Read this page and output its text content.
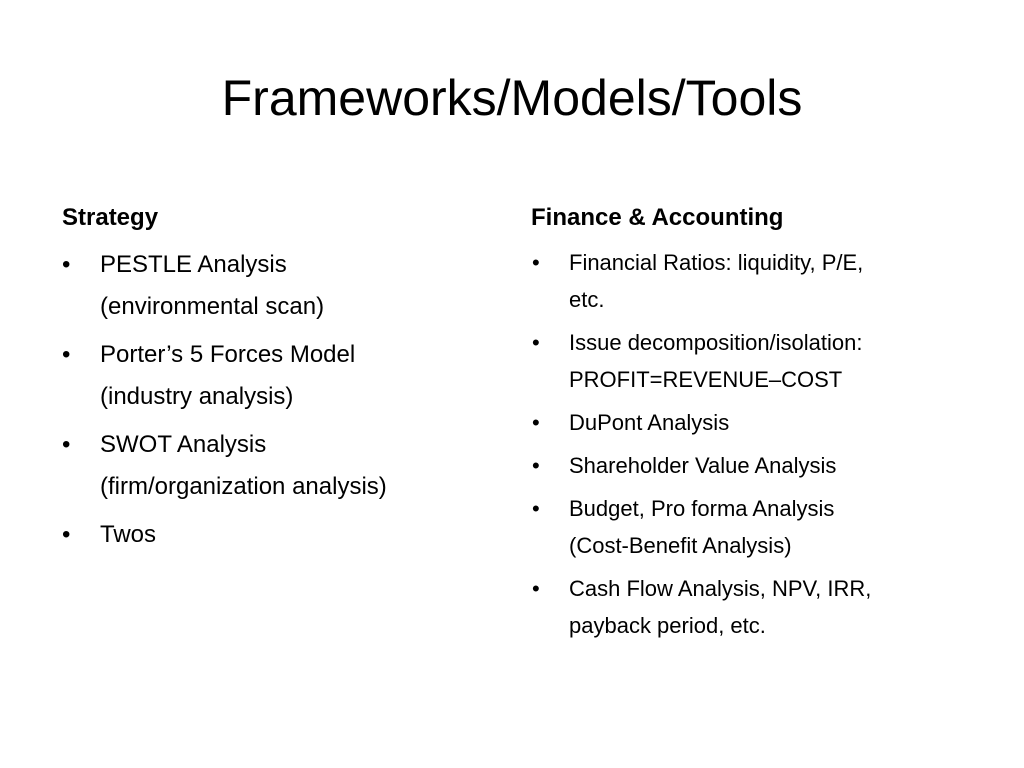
Frameworks/Models/Tools
Strategy
• PESTLE Analysis
(environmental scan)
• Porter’s 5 Forces Model
(industry analysis)
• SWOT Analysis
(firm/organization analysis)
• Twos
Finance & Accounting
• Financial Ratios: liquidity, P/E,
etc.
• Issue decomposition/isolation:
PROFIT=REVENUE–COST
• DuPont Analysis
• Shareholder Value Analysis
• Budget, Pro forma Analysis
(Cost-Benefit Analysis)
• Cash Flow Analysis, NPV, IRR,
payback period, etc.
